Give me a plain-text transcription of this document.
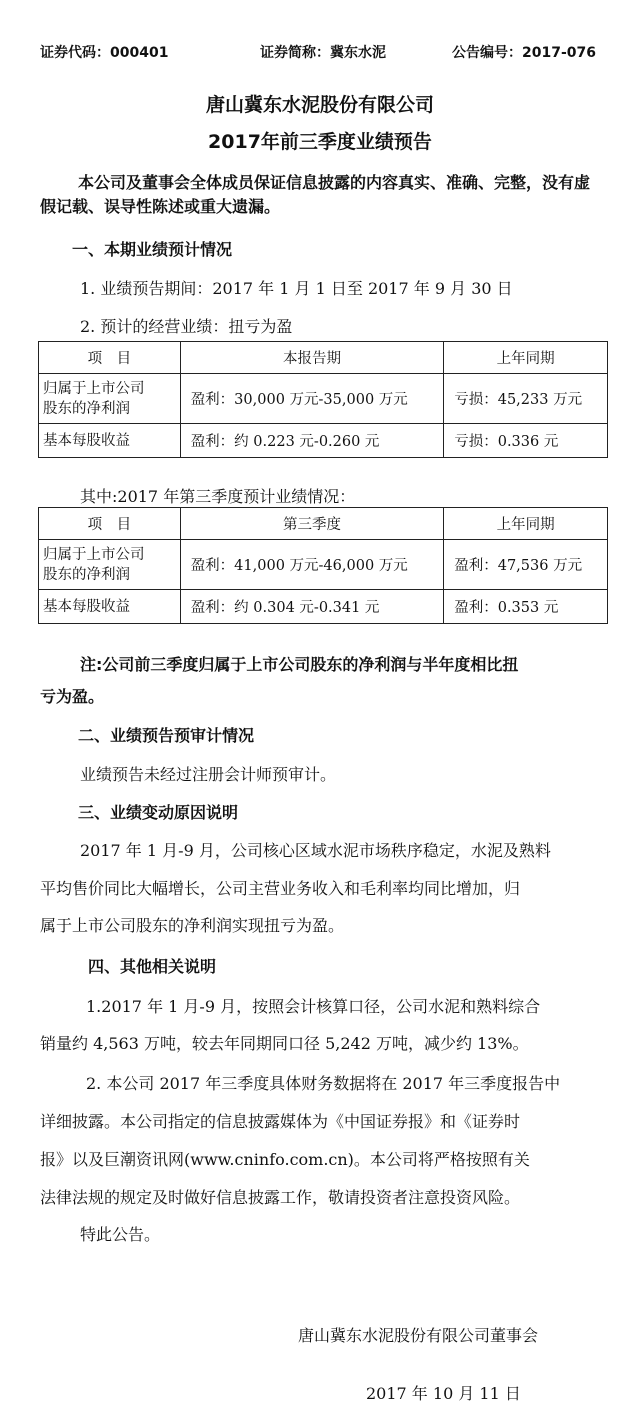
证券代码：000401	证券简称：冀东水泥	公告编号：2017-076
唐山冀东水泥股份有限公司
2017年前三季度业绩预告
本公司及董事会全体成员保证信息披露的内容真实、准确、完整，没有虚
假记载、误导性陈述或重大遗漏。
一、本期业绩预计情况
1. 业绩预告期间：2017 年 1 月 1 日至 2017 年 9 月 30 日
2. 预计的经营业绩：扭亏为盈
项　目	本报告期	上年同期

归属于上市公司
股东的净利润	盈利：30,000 万元-35,000 万元	亏损：45,233 万元
基本每股收益	盈利：约 0.223 元-0.260 元	亏损：0.336 元
其中:2017 年第三季度预计业绩情况：
项　目	第三季度	上年同期

归属于上市公司
股东的净利润	盈利：41,000 万元-46,000 万元	盈利：47,536 万元
基本每股收益	盈利：约 0.304 元-0.341 元	盈利：0.353 元
注:公司前三季度归属于上市公司股东的净利润与半年度相比扭
亏为盈。
二、业绩预告预审计情况
业绩预告未经过注册会计师预审计。
三、业绩变动原因说明
2017 年 1 月-9 月，公司核心区域水泥市场秩序稳定，水泥及熟料
平均售价同比大幅增长，公司主营业务收入和毛利率均同比增加，归
属于上市公司股东的净利润实现扭亏为盈。
四、其他相关说明
1.2017 年 1 月-9 月，按照会计核算口径，公司水泥和熟料综合
销量约 4,563 万吨，较去年同期同口径 5,242 万吨，减少约 13%。
2. 本公司 2017 年三季度具体财务数据将在 2017 年三季度报告中
详细披露。本公司指定的信息披露媒体为《中国证券报》和《证券时
报》以及巨潮资讯网(www.cninfo.com.cn)。本公司将严格按照有关
法律法规的规定及时做好信息披露工作，敬请投资者注意投资风险。
特此公告。
唐山冀东水泥股份有限公司董事会
2017 年 10 月 11 日
